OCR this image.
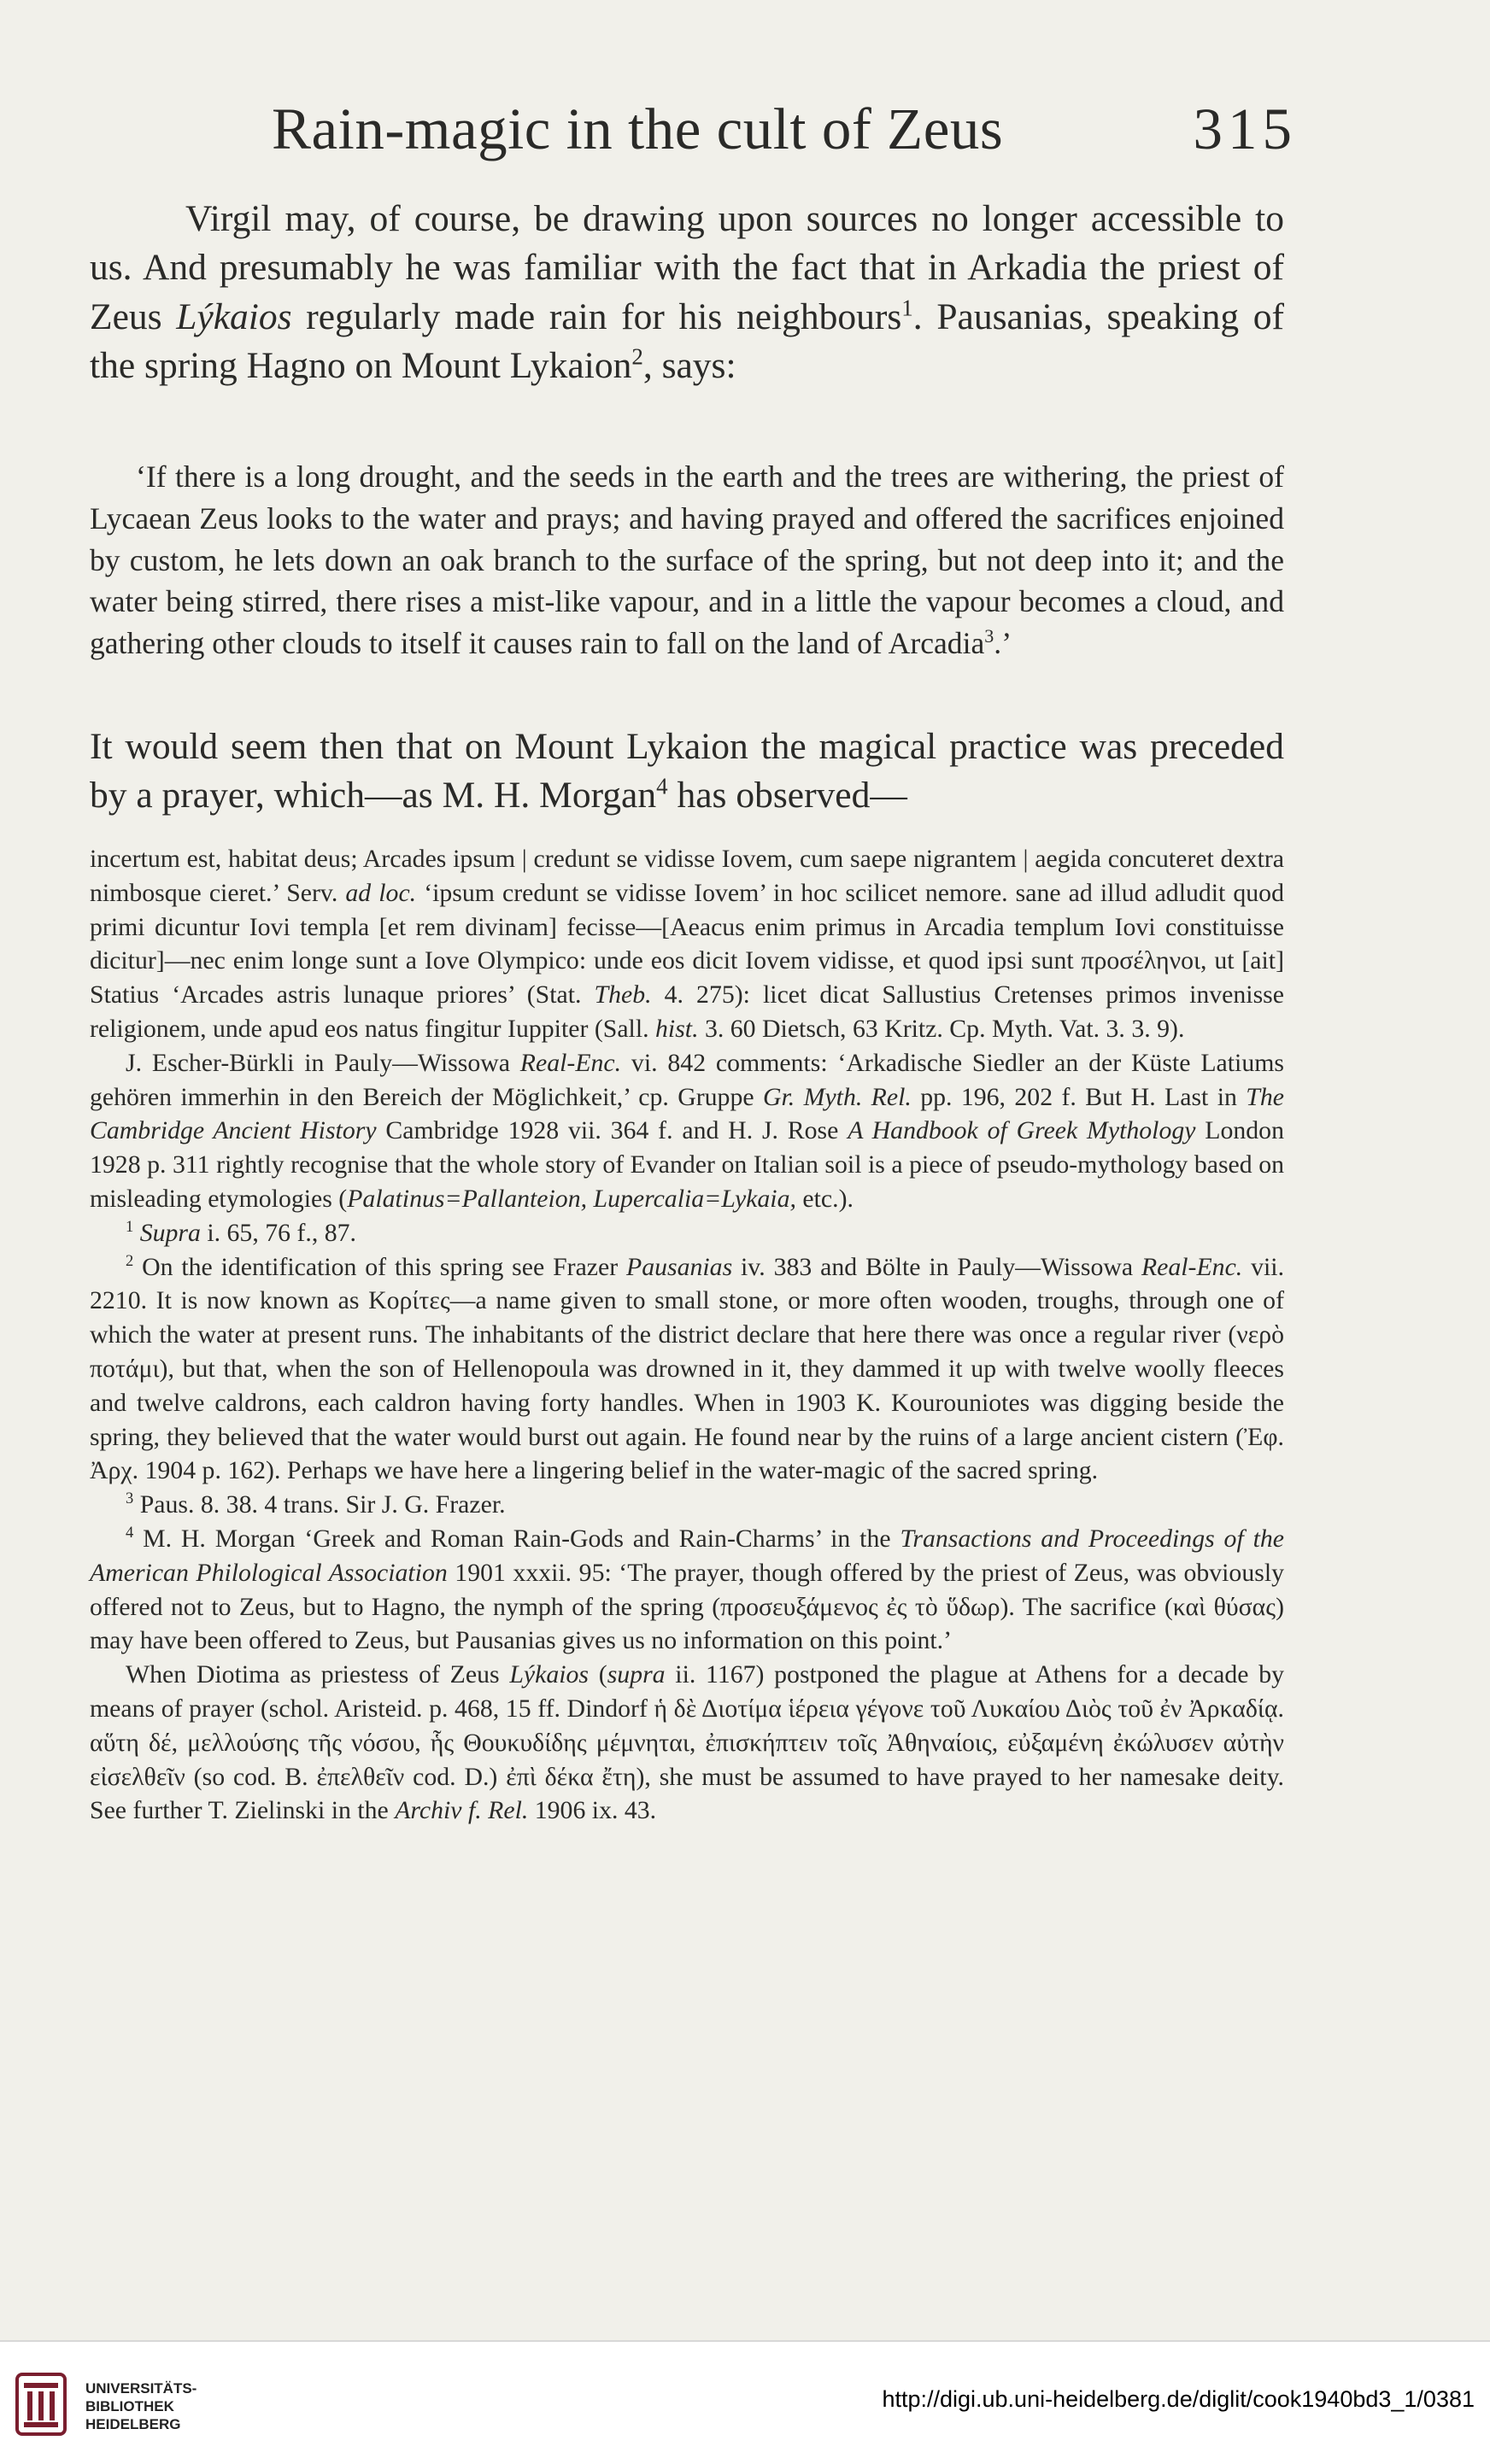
Rain-magic in the cult of Zeus	315

Virgil may, of course, be drawing upon sources no longer accessible to us. And presumably he was familiar with the fact that in Arkadia the priest of Zeus Lýkaios regularly made rain for his neighbours$^1$. Pausanias, speaking of the spring Hagno on Mount Lykaion$^2$, says:

‘If there is a long drought, and the seeds in the earth and the trees are withering, the priest of Lycaean Zeus looks to the water and prays; and having prayed and offered the sacrifices enjoined by custom, he lets down an oak branch to the surface of the spring, but not deep into it; and the water being stirred, there rises a mist-like vapour, and in a little the vapour becomes a cloud, and gathering other clouds to itself it causes rain to fall on the land of Arcadia$^3$.’

It would seem then that on Mount Lykaion the magical practice was preceded by a prayer, which—as M. H. Morgan$^4$ has observed—

incertum est, habitat deus; Arcades ipsum | credunt se vidisse Iovem, cum saepe nigrantem | aegida concuteret dextra nimbosque cieret.’ Serv. ad loc. ‘ipsum credunt se vidisse Iovem’ in hoc scilicet nemore. sane ad illud adludit quod primi dicuntur Iovi templa [et rem divinam] fecisse—[Aeacus enim primus in Arcadia templum Iovi constituisse dicitur]—nec enim longe sunt a Iove Olympico: unde eos dicit Iovem vidisse, et quod ipsi sunt προσέληνοι, ut [ait] Statius ‘Arcades astris lunaque priores’ (Stat. Theb. 4. 275): licet dicat Sallustius Cretenses primos invenisse religionem, unde apud eos natus fingitur Iuppiter (Sall. hist. 3. 60 Dietsch, 63 Kritz. Cp. Myth. Vat. 3. 3. 9).

J. Escher-Bürkli in Pauly—Wissowa Real-Enc. vi. 842 comments: ‘Arkadische Siedler an der Küste Latiums gehören immerhin in den Bereich der Möglichkeit,’ cp. Gruppe Gr. Myth. Rel. pp. 196, 202 f. But H. Last in The Cambridge Ancient History Cambridge 1928 vii. 364 f. and H. J. Rose A Handbook of Greek Mythology London 1928 p. 311 rightly recognise that the whole story of Evander on Italian soil is a piece of pseudo-mythology based on misleading etymologies (Palatinus=Pallanteion, Lupercalia=Lykaia, etc.).

$^1$ Supra i. 65, 76 f., 87.

$^2$ On the identification of this spring see Frazer Pausanias iv. 383 and Bölte in Pauly—Wissowa Real-Enc. vii. 2210. It is now known as Κορίτες—a name given to small stone, or more often wooden, troughs, through one of which the water at present runs. The inhabitants of the district declare that here there was once a regular river (νερὸ ποτάμι), but that, when the son of Hellenopoula was drowned in it, they dammed it up with twelve woolly fleeces and twelve caldrons, each caldron having forty handles. When in 1903 K. Kourouniotes was digging beside the spring, they believed that the water would burst out again. He found near by the ruins of a large ancient cistern (Ἐφ. Ἀρχ. 1904 p. 162). Perhaps we have here a lingering belief in the water-magic of the sacred spring.

$^3$ Paus. 8. 38. 4 trans. Sir J. G. Frazer.

$^4$ M. H. Morgan ‘Greek and Roman Rain-Gods and Rain-Charms’ in the Transactions and Proceedings of the American Philological Association 1901 xxxii. 95: ‘The prayer, though offered by the priest of Zeus, was obviously offered not to Zeus, but to Hagno, the nymph of the spring (προσευξάμενος ἐς τὸ ὕδωρ). The sacrifice (καὶ θύσας) may have been offered to Zeus, but Pausanias gives us no information on this point.’

When Diotima as priestess of Zeus Lýkaios (supra ii. 1167) postponed the plague at Athens for a decade by means of prayer (schol. Aristeid. p. 468, 15 ff. Dindorf ἡ δὲ Διοτίμα ἱέρεια γέγονε τοῦ Λυκαίου Διὸς τοῦ ἐν Ἀρκαδίᾳ. αὕτη δέ, μελλούσης τῆς νόσου, ἧς Θουκυδίδης μέμνηται, ἐπισκήπτειν τοῖς Ἀθηναίοις, εὐξαμένη ἐκώλυσεν αὐτὴν εἰσελθεῖν (so cod. B. ἐπελθεῖν cod. D.) ἐπὶ δέκα ἔτη), she must be assumed to have prayed to her namesake deity. See further T. Zielinski in the Archiv f. Rel. 1906 ix. 43.

UNIVERSITÄTS-
BIBLIOTHEK
HEIDELBERG
http://digi.ub.uni-heidelberg.de/diglit/cook1940bd3_1/0381
